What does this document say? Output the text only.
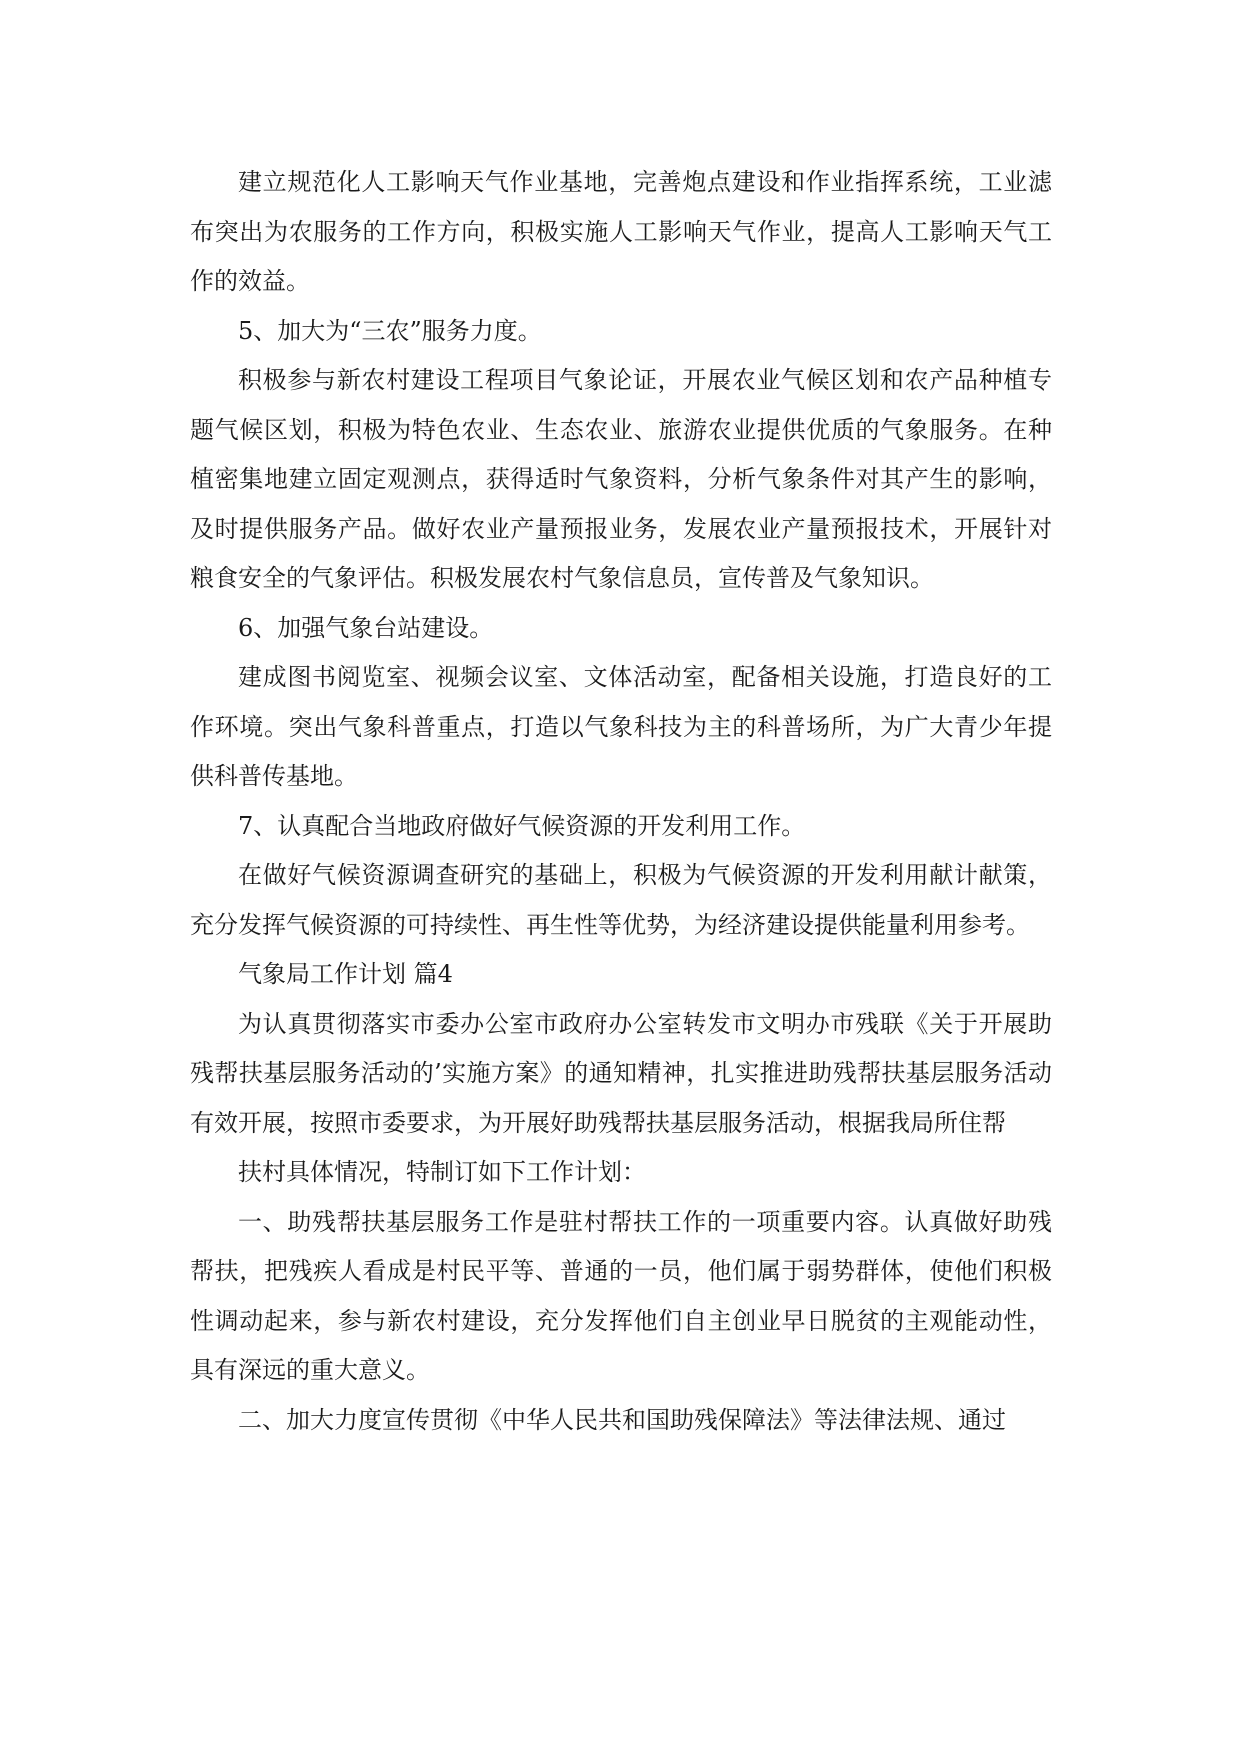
建立规范化人工影响天气作业基地，完善炮点建设和作业指挥系统，工业滤布突出为农服务的工作方向，积极实施人工影响天气作业，提高人工影响天气工作的效益。

5、加大为“三农”服务力度。

积极参与新农村建设工程项目气象论证，开展农业气候区划和农产品种植专题气候区划，积极为特色农业、生态农业、旅游农业提供优质的气象服务。在种植密集地建立固定观测点，获得适时气象资料，分析气象条件对其产生的影响，及时提供服务产品。做好农业产量预报业务，发展农业产量预报技术，开展针对粮食安全的气象评估。积极发展农村气象信息员，宣传普及气象知识。

6、加强气象台站建设。

建成图书阅览室、视频会议室、文体活动室，配备相关设施，打造良好的工作环境。突出气象科普重点，打造以气象科技为主的科普场所，为广大青少年提供科普传基地。

7、认真配合当地政府做好气候资源的开发利用工作。

在做好气候资源调查研究的基础上，积极为气候资源的开发利用献计献策，充分发挥气候资源的可持续性、再生性等优势，为经济建设提供能量利用参考。

气象局工作计划 篇4

为认真贯彻落实市委办公室市政府办公室转发市文明办市残联《关于开展助残帮扶基层服务活动的’实施方案》的通知精神，扎实推进助残帮扶基层服务活动有效开展，按照市委要求，为开展好助残帮扶基层服务活动，根据我局所住帮

扶村具体情况，特制订如下工作计划：

一、助残帮扶基层服务工作是驻村帮扶工作的一项重要内容。认真做好助残帮扶，把残疾人看成是村民平等、普通的一员，他们属于弱势群体，使他们积极性调动起来，参与新农村建设，充分发挥他们自主创业早日脱贫的主观能动性，具有深远的重大意义。

二、加大力度宣传贯彻《中华人民共和国助残保障法》等法律法规、通过
